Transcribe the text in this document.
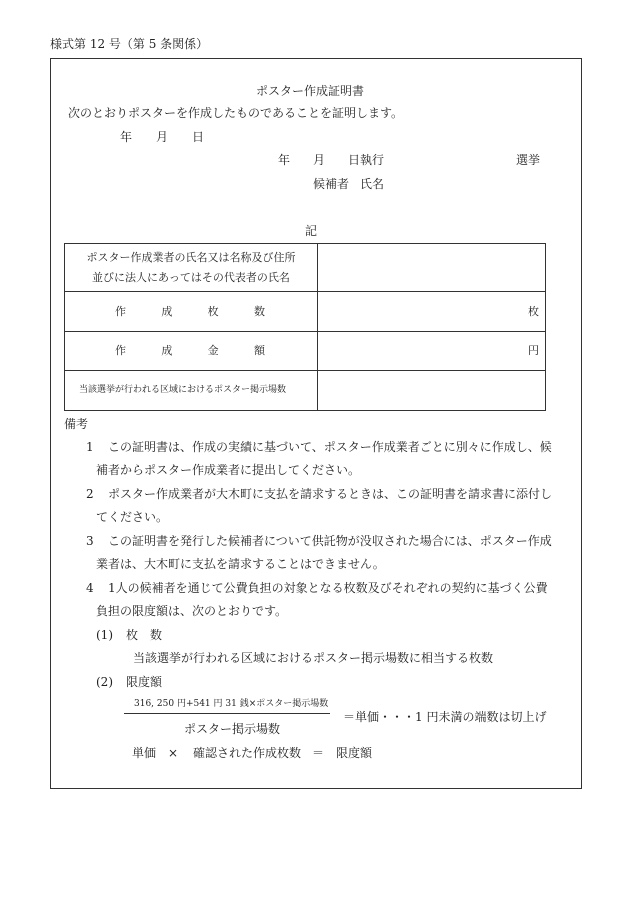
様式第 12 号（第 5 条関係）
ポスター作成証明書
次のとおりポスターを作成したものであることを証明します。
年 月 日
年 月 日執行	選挙
候補者 氏名
記
ポスター作成業者の氏名又は名称及び住所
並びに法人にあってはその代表者の氏名	

作 成 枚 数	枚

作 成 金 額	円
当該選挙が行われる区域におけるポスター掲示場数	
備考
1 この証明書は、作成の実績に基づいて、ポスター作成業者ごとに別々に作成し、候
補者からポスター作成業者に提出してください。
2 ポスター作成業者が大木町に支払を請求するときは、この証明書を請求書に添付し
てください。
3 この証明書を発行した候補者について供託物が没収された場合には、ポスター作成
業者は、大木町に支払を請求することはできません。
4 1人の候補者を通じて公費負担の対象となる枚数及びそれぞれの契約に基づく公費
負担の限度額は、次のとおりです。
(1) 枚　数
当該選挙が行われる区域におけるポスター掲示場数に相当する枚数
(2) 限度額
316, 250 円+541 円 31 銭×ポスター掲示場数
ポスター掲示場数
＝単価・・・1 円未満の端数は切上げ
単価 × 確認された作成枚数 ＝ 限度額
